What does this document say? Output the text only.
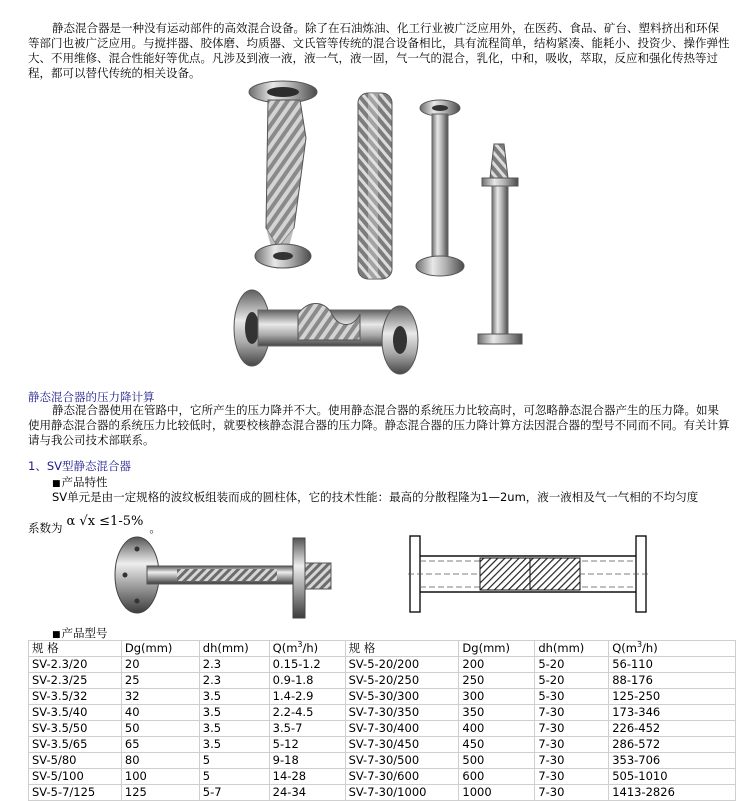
静态混合器是一种没有运动部件的高效混合设备。除了在石油炼油、化工行业被广泛应用外，在医药、食品、矿台、塑料挤出和环保等部门也被广泛应用。与搅拌器、胶体磨、均质器、文氏管等传统的混合设备相比，具有流程简单，结构紧凑、能耗小、投资少、操作弹性大、不用维修、混合性能好等优点。凡涉及到液一液，液一气，液一固，气一气的混合，乳化，中和，吸收，萃取，反应和强化传热等过程，都可以替代传统的相关设备。

静态混合器的压力降计算

静态混合器使用在管路中，它所产生的压力降并不大。使用静态混合器的系统压力比较高时，可忽略静态混合器产生的压力降。如果使用静态混合器的系统压力比较低时，就要校核静态混合器的压力降。静态混合器的压力降计算方法因混合器的型号不同而不同。有关计算请与我公司技术部联系。

1、SV型静态混合器
■ 产品特性
SV单元是由一定规格的波纹板组装而成的圆柱体，它的技术性能：最高的分散程隆为1—2um，液一液相及气一气相的不均匀度
系数为 α √x ≤1-5% 。
■ 产品型号
规 格	Dg(mm)	dh(mm)	$Q(m^3/h)$	规 格	Dg(mm)	dh(mm)	$Q(m^3/h)$
SV-2.3/20	20	2.3	0.15-1.2	SV-5-20/200	200	5-20	56-110
SV-2.3/25	25	2.3	0.9-1.8	SV-5-20/250	250	5-20	88-176
SV-3.5/32	32	3.5	1.4-2.9	SV-5-30/300	300	5-30	125-250
SV-3.5/40	40	3.5	2.2-4.5	SV-7-30/350	350	7-30	173-346
SV-3.5/50	50	3.5	3.5-7	SV-7-30/400	400	7-30	226-452
SV-3.5/65	65	3.5	5-12	SV-7-30/450	450	7-30	286-572
SV-5/80	80	5	9-18	SV-7-30/500	500	7-30	353-706
SV-5/100	100	5	14-28	SV-7-30/600	600	7-30	505-1010
SV-5-7/125	125	5-7	24-34	SV-7-30/1000	1000	7-30	1413-2826
